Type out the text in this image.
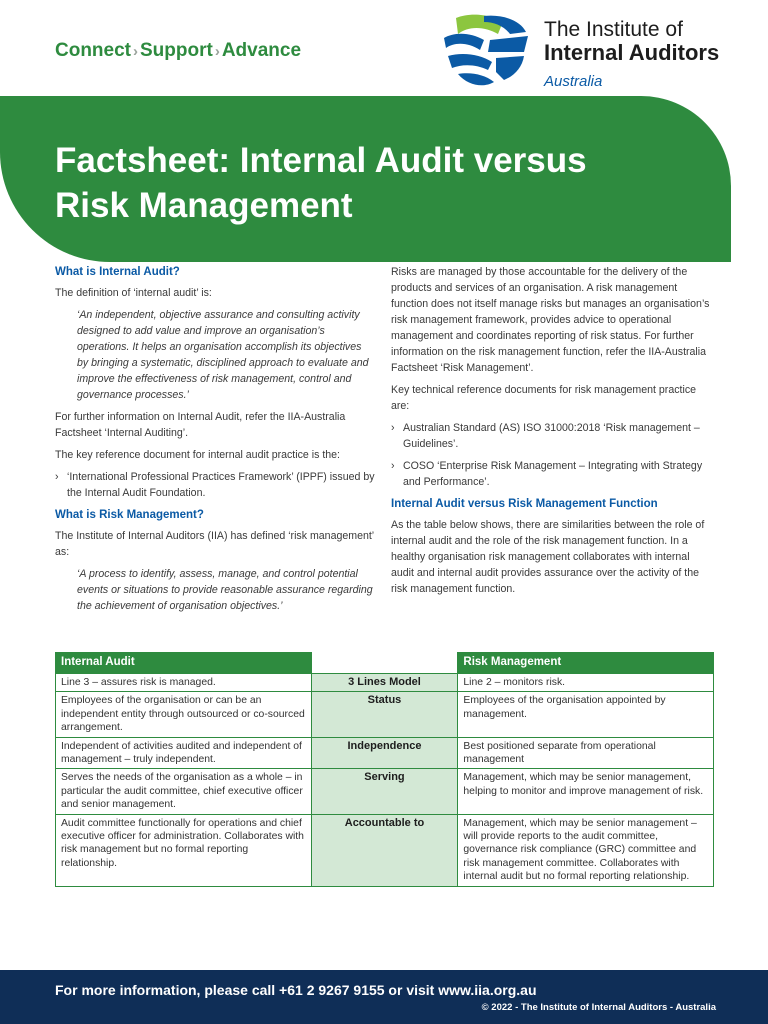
Connect › Support › Advance
The Institute of
Internal Auditors
Australia
Factsheet: Internal Audit versus
Risk Management
What is Internal Audit?

The definition of ‘internal audit’ is:

‘An independent, objective assurance and consulting activity designed to add value and improve an organisation’s operations. It helps an organisation accomplish its objectives by bringing a systematic, disciplined approach to evaluate and improve the effectiveness of risk management, control and governance processes.’

For further information on Internal Audit, refer the IIA-Australia Factsheet ‘Internal Auditing’.

The key reference document for internal audit practice is the:

› ‘International Professional Practices Framework’ (IPPF) issued by the Internal Audit Foundation.
What is Risk Management?

The Institute of Internal Auditors (IIA) has defined ‘risk management’ as:

‘A process to identify, assess, manage, and control potential events or situations to provide reasonable assurance regarding the achievement of organisation objectives.’

Risks are managed by those accountable for the delivery of the products and services of an organisation. A risk management function does not itself manage risks but manages an organisation’s risk management framework, provides advice to operational management and coordinates reporting of risk status. For further information on the risk management function, refer the IIA-Australia Factsheet ‘Risk Management’.

Key technical reference documents for risk management practice are:

› Australian Standard (AS) ISO 31000:2018 ‘Risk management – Guidelines’.
› COSO ‘Enterprise Risk Management – Integrating with Strategy and Performance’.
Internal Audit versus Risk Management Function

As the table below shows, there are similarities between the role of internal audit and the role of the risk management function. In a healthy organisation risk management collaborates with internal audit and internal audit provides assurance over the activity of the risk management function.

Internal Audit		Risk Management
Line 3 – assures risk is managed.	3 Lines Model	Line 2 – monitors risk.
Employees of the organisation or can be an independent entity through outsourced or co-sourced arrangement.	Status	Employees of the organisation appointed by management.
Independent of activities audited and independent of management – truly independent.	Independence	Best positioned separate from operational management
Serves the needs of the organisation as a whole – in particular the audit committee, chief executive officer and senior management.	Serving	Management, which may be senior management, helping to monitor and improve management of risk.
Audit committee functionally for operations and chief executive officer for administration. Collaborates with risk management but no formal reporting relationship.	Accountable to	Management, which may be senior management – will provide reports to the audit committee, governance risk compliance (GRC) committee and risk management committee. Collaborates with internal audit but no formal reporting relationship.
For more information, please call +61 2 9267 9155 or visit www.iia.org.au
© 2022 - The Institute of Internal Auditors - Australia
